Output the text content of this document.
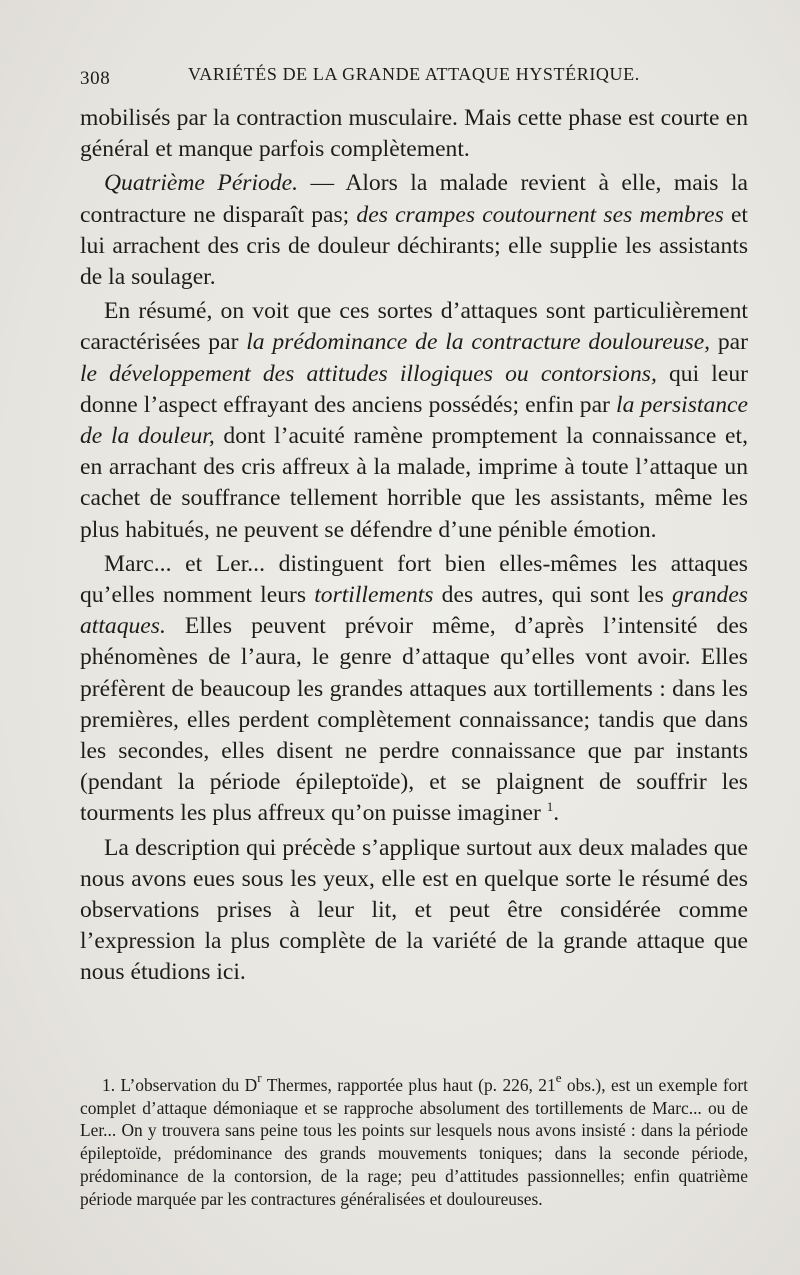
308	VARIÉTÉS DE LA GRANDE ATTAQUE HYSTÉRIQUE.

mobilisés par la contraction musculaire. Mais cette phase est courte en général et manque parfois complètement.

Quatrième Période. — Alors la malade revient à elle, mais la contracture ne disparaît pas; des crampes coutournent ses membres et lui arrachent des cris de douleur déchirants; elle supplie les assistants de la soulager.

En résumé, on voit que ces sortes d’attaques sont particulièrement caractérisées par la prédominance de la contracture douloureuse, par le développement des attitudes illogiques ou contorsions, qui leur donne l’aspect effrayant des anciens possédés; enfin par la persistance de la douleur, dont l’acuité ramène promptement la connaissance et, en arrachant des cris affreux à la malade, imprime à toute l’attaque un cachet de souffrance tellement horrible que les assistants, même les plus habitués, ne peuvent se défendre d’une pénible émotion.

Marc... et Ler... distinguent fort bien elles-mêmes les attaques qu’elles nomment leurs tortillements des autres, qui sont les grandes attaques. Elles peuvent prévoir même, d’après l’intensité des phénomènes de l’aura, le genre d’attaque qu’elles vont avoir. Elles préfèrent de beaucoup les grandes attaques aux tortillements : dans les premières, elles perdent complètement connaissance; tandis que dans les secondes, elles disent ne perdre connaissance que par instants (pendant la période épileptoïde), et se plaignent de souffrir les tourments les plus affreux qu’on puisse imaginer $^1$.

La description qui précède s’applique surtout aux deux malades que nous avons eues sous les yeux, elle est en quelque sorte le résumé des observations prises à leur lit, et peut être considérée comme l’expression la plus complète de la variété de la grande attaque que nous étudions ici.

1. L’observation du $D^r$ Thermes, rapportée plus haut (p. 226, 21e obs.), est un exemple fort complet d’attaque démoniaque et se rapproche absolument des tortillements de Marc... ou de Ler... On y trouvera sans peine tous les points sur lesquels nous avons insisté : dans la période épileptoïde, prédominance des grands mouvements toniques; dans la seconde période, prédominance de la contorsion, de la rage; peu d’attitudes passionnelles; enfin quatrième période marquée par les contractures généralisées et douloureuses.
